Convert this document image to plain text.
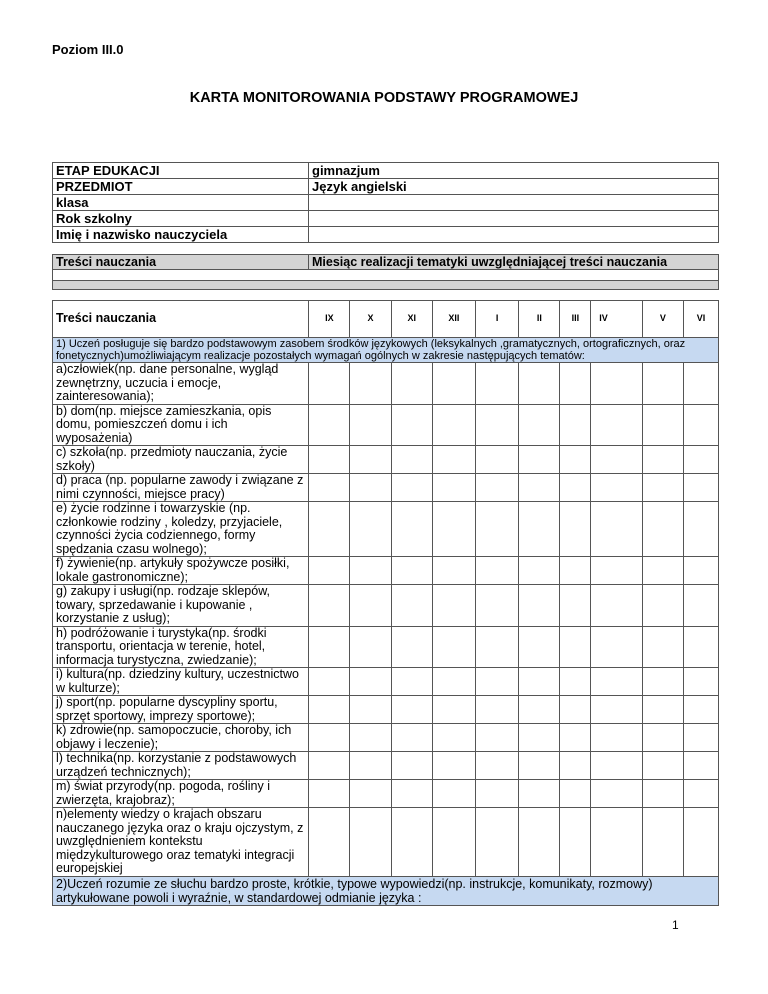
Poziom III.0
KARTA MONITOROWANIA PODSTAWY PROGRAMOWEJ
ETAP EDUKACJI	gimnazjum
PRZEDMIOT	Język angielski
klasa	
Rok szkolny	
Imię i nazwisko nauczyciela	
Treści nauczania	Miesiąc realizacji tematyki uwzględniającej treści nauczania

Treści nauczania	IX	X	XI	XII	I	II	III	IV	V	VI
1) Uczeń posługuje się bardzo podstawowym zasobem środków językowych (leksykalnych ,gramatycznych, ortograficznych, oraz fonetycznych)umożliwiającym realizacje pozostałych wymagań ogólnych w zakresie następujących tematów:										
a)człowiek(np. dane personalne, wygląd zewnętrzny, uczucia i emocje, zainteresowania);										
b) dom(np. miejsce zamieszkania, opis domu, pomieszczeń domu i ich wyposażenia)										
c) szkoła(np. przedmioty nauczania, życie szkoły)										
d) praca (np. popularne zawody i związane z nimi czynności, miejsce pracy)										
e) życie rodzinne i towarzyskie (np. członkowie rodziny , koledzy, przyjaciele, czynności życia codziennego, formy spędzania czasu wolnego);										
f) żywienie(np. artykuły spożywcze posiłki, lokale gastronomiczne);										
g) zakupy i usługi(np. rodzaje sklepów, towary, sprzedawanie i kupowanie , korzystanie z usług);										
h) podróżowanie i turystyka(np. środki transportu, orientacja w terenie, hotel, informacja turystyczna, zwiedzanie);										
i) kultura(np. dziedziny kultury, uczestnictwo w kulturze);										
j) sport(np. popularne dyscypliny sportu, sprzęt sportowy, imprezy sportowe);										
k) zdrowie(np. samopoczucie, choroby, ich objawy i leczenie);										
l) technika(np. korzystanie z podstawowych urządzeń technicznych);										
m) świat przyrody(np. pogoda, rośliny i zwierzęta, krajobraz);										
n)elementy wiedzy o krajach obszaru nauczanego języka oraz o kraju ojczystym, z uwzględnieniem kontekstu międzykulturowego oraz tematyki integracji europejskiej										
2)Uczeń rozumie ze słuchu bardzo proste, krótkie, typowe wypowiedzi(np. instrukcje, komunikaty, rozmowy) artykułowane powoli i wyraźnie, w standardowej odmianie języka :										
1
